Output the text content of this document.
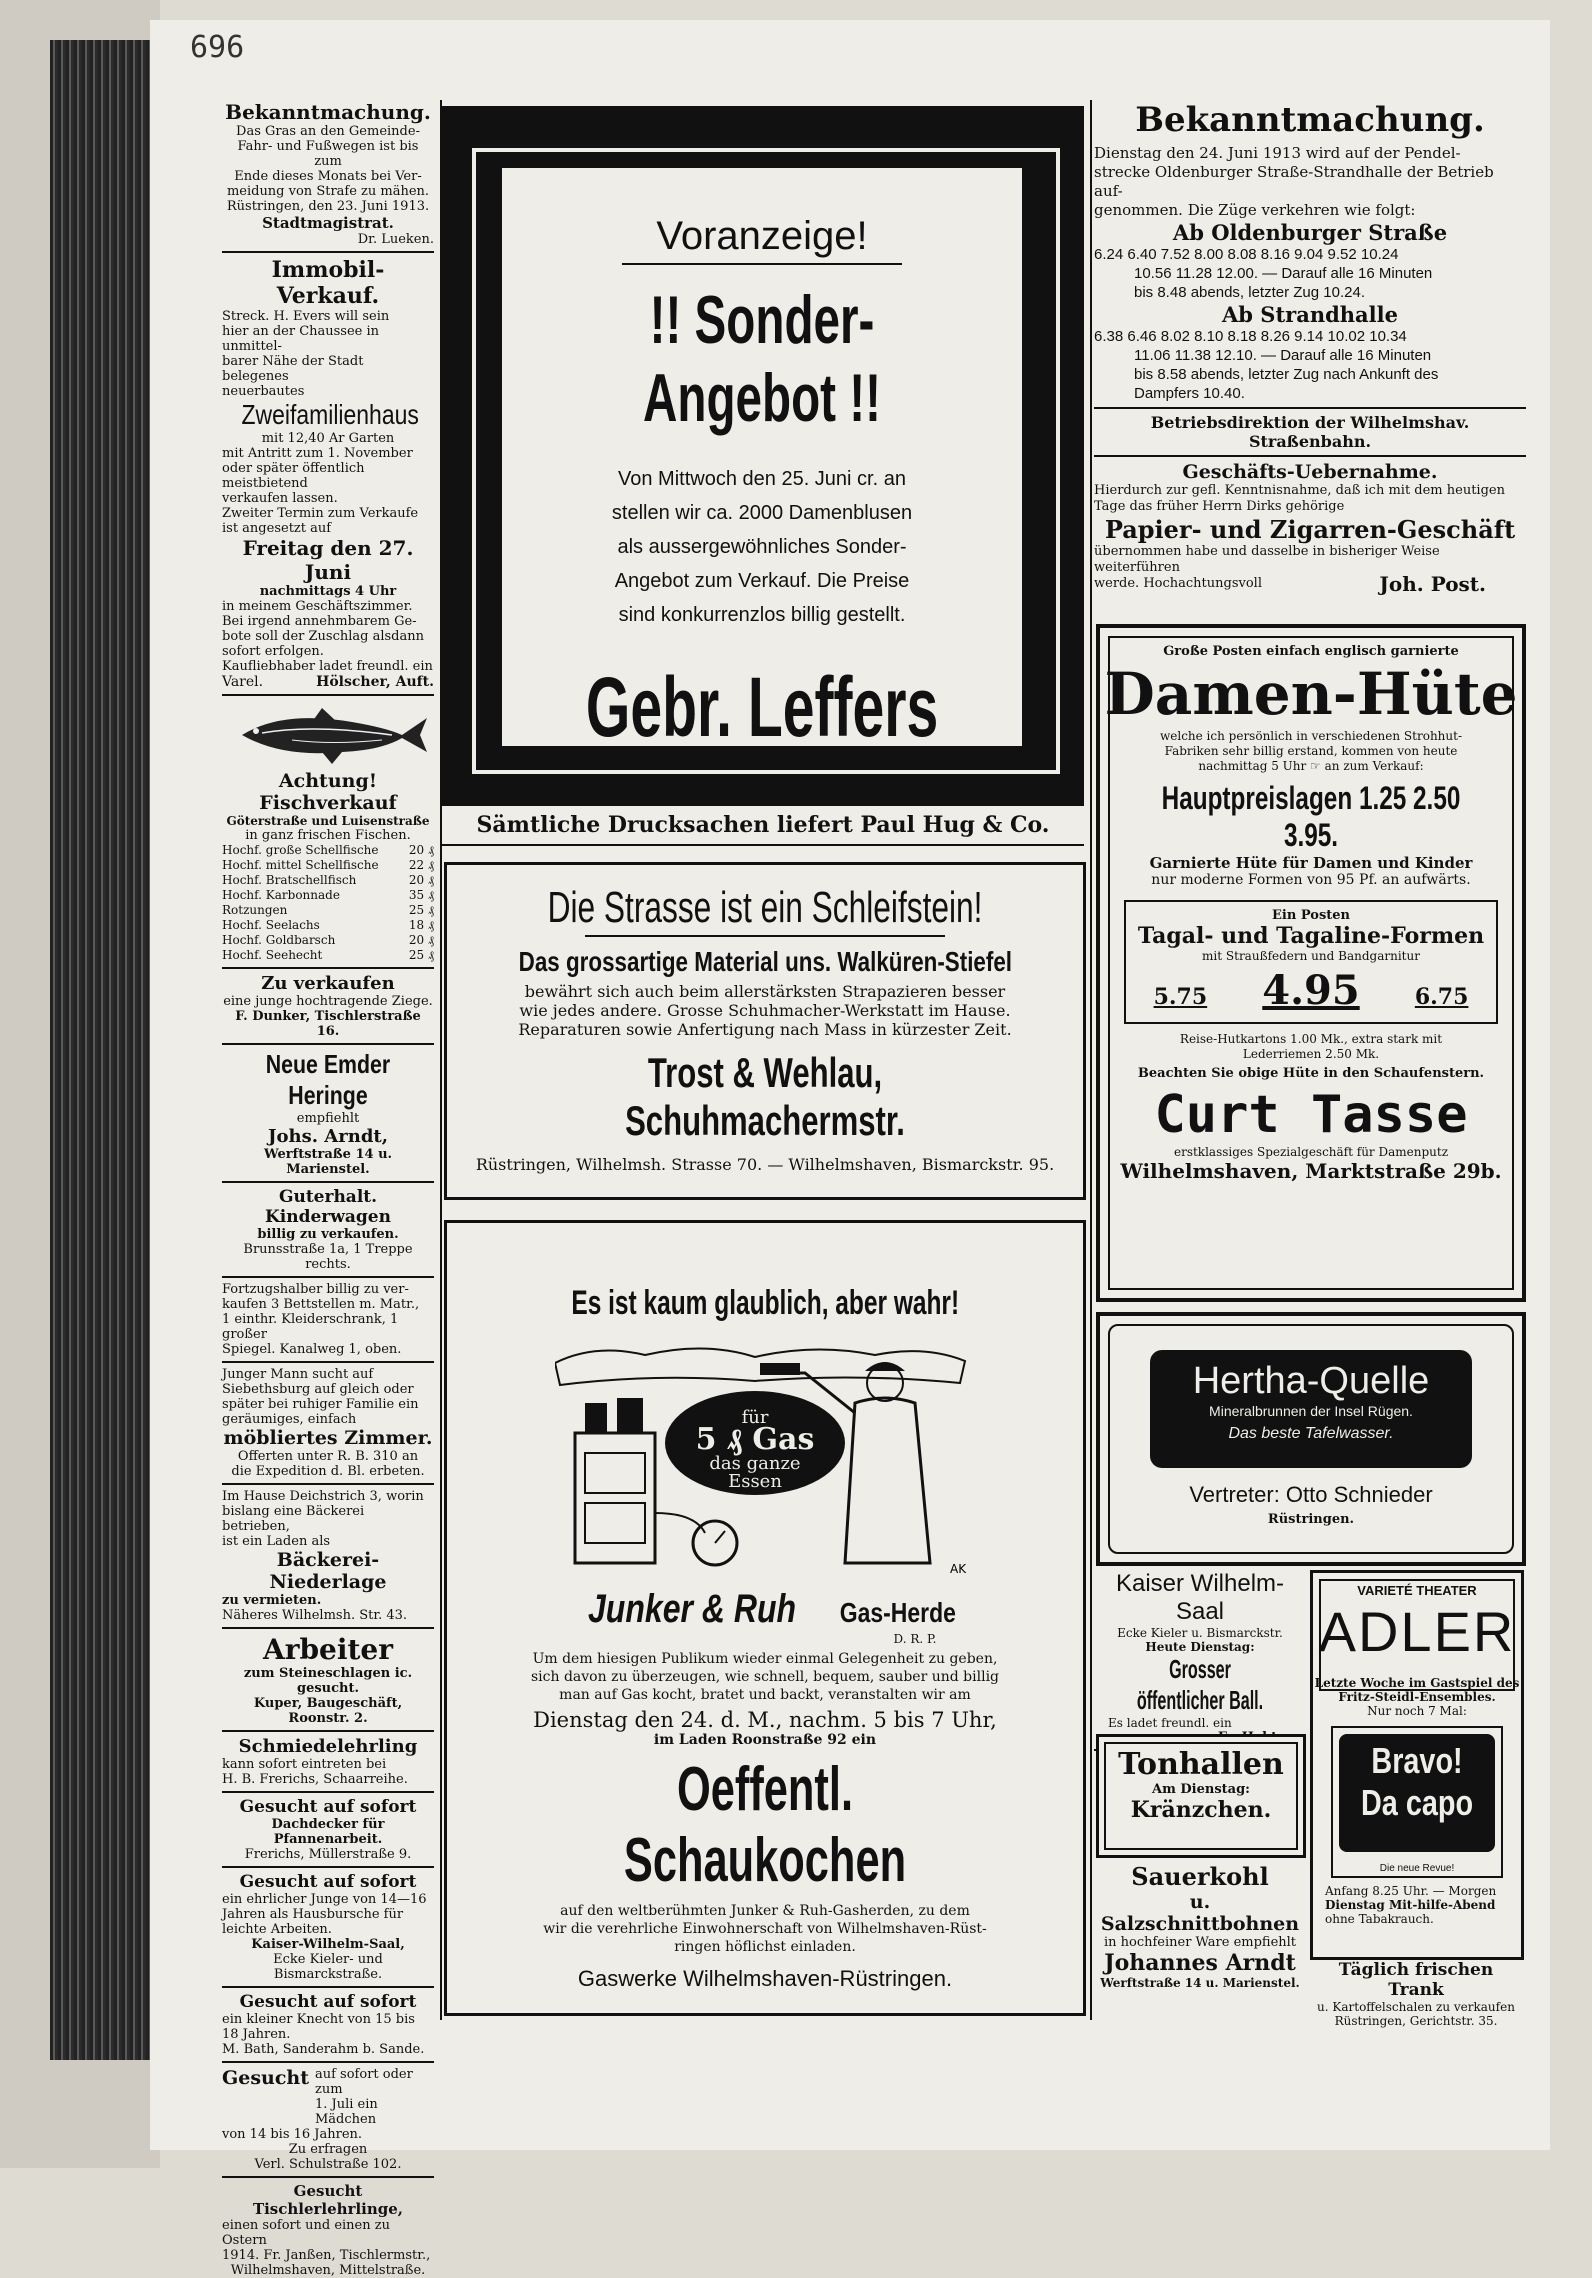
696
Bekanntmachung.
Das Gras an den Gemeinde-
Fahr- und Fußwegen ist bis zum
Ende dieses Monats bei Ver-
meidung von Strafe zu mähen.
Rüstringen, den 23. Juni 1913.
Stadtmagistrat.
Dr. Lueken.
Immobil-Verkauf.
Streck. H. Evers will sein
hier an der Chaussee in unmittel-
barer Nähe der Stadt belegenes
neuerbautes
Zweifamilienhaus
mit 12,40 Ar Garten
mit Antritt zum 1. November
oder später öffentlich meistbietend
verkaufen lassen.
Zweiter Termin zum Verkaufe
ist angesetzt auf
Freitag den 27. Juni
nachmittags 4 Uhr
in meinem Geschäftszimmer.
Bei irgend annehmbarem Ge-
bote soll der Zuschlag alsdann
sofort erfolgen.
Kaufliebhaber ladet freundl. ein
Varel.	Hölscher, Auft.
Achtung! Fischverkauf
Göterstraße und Luisenstraße
in ganz frischen Fischen.
Hochf. große Schellfische	20 ₰
Hochf. mittel Schellfische	22 ₰
Hochf. Bratschellfisch	20 ₰
Hochf. Karbonnade	35 ₰
Rotzungen	25 ₰
Hochf. Seelachs	18 ₰
Hochf. Goldbarsch	20 ₰
Hochf. Seehecht	25 ₰
Zu verkaufen
eine junge hochtragende Ziege.
F. Dunker, Tischlerstraße 16.
Neue Emder Heringe
empfiehlt
Johs. Arndt,
Werftstraße 14 u. Marienstel.
Guterhalt. Kinderwagen
billig zu verkaufen.
Brunsstraße 1a, 1 Treppe rechts.
Fortzugshalber billig zu ver-
kaufen 3 Bettstellen m. Matr.,
1 einthr. Kleiderschrank, 1 großer
Spiegel. Kanalweg 1, oben.
Junger Mann sucht auf
Siebethsburg auf gleich oder
später bei ruhiger Familie ein
geräumiges, einfach
möbliertes Zimmer.
Offerten unter R. B. 310 an
die Expedition d. Bl. erbeten.
Im Hause Deichstrich 3, worin
bislang eine Bäckerei betrieben,
ist ein Laden als
Bäckerei-Niederlage
zu vermieten.
Näheres Wilhelmsh. Str. 43.
Arbeiter
zum Steineschlagen ic. gesucht.
Kuper, Baugeschäft, Roonstr. 2.
Schmiedelehrling
kann sofort eintreten bei
H. B. Frerichs, Schaarreihe.
Gesucht auf sofort
Dachdecker für Pfannenarbeit.
Frerichs, Müllerstraße 9.
Gesucht auf sofort
ein ehrlicher Junge von 14—16
Jahren als Hausbursche für
leichte Arbeiten.
Kaiser-Wilhelm-Saal,
Ecke Kieler- und Bismarckstraße.
Gesucht auf sofort
ein kleiner Knecht von 15 bis
18 Jahren.
M. Bath, Sanderahm b. Sande.
Gesucht auf sofort oder zum
1. Juli ein Mädchen
von 14 bis 16 Jahren.
Zu erfragen
Verl. Schulstraße 102.
Gesucht Tischlerlehrlinge,
einen sofort und einen zu Ostern
1914. Fr. Janßen, Tischlermstr.,
Wilhelmshaven, Mittelstraße.
Voranzeige!
!! Sonder-Angebot !!
Von Mittwoch den 25. Juni cr. an
stellen wir ca. 2000 Damenblusen
als aussergewöhnliches Sonder-
Angebot zum Verkauf. Die Preise
sind konkurrenzlos billig gestellt.
Gebr. Leffers
Sämtliche Drucksachen liefert Paul Hug & Co.
Die Strasse ist ein Schleifstein!
Das grossartige Material uns. Walküren-Stiefel
bewährt sich auch beim allerstärksten Strapazieren besser
wie jedes andere. Grosse Schuhmacher-Werkstatt im Hause.
Reparaturen sowie Anfertigung nach Mass in kürzester Zeit.
Trost & Wehlau, Schuhmachermstr.
Rüstringen, Wilhelmsh. Strasse 70. — Wilhelmshaven, Bismarckstr. 95.
Es ist kaum glaublich, aber wahr!
für
5 ₰ Gas
das ganze
Essen
AK
Junker & Ruh Gas-Herde
D. R. P.
Um dem hiesigen Publikum wieder einmal Gelegenheit zu geben,
sich davon zu überzeugen, wie schnell, bequem, sauber und billig
man auf Gas kocht, bratet und backt, veranstalten wir am
Dienstag den 24. d. M., nachm. 5 bis 7 Uhr,
im Laden Roonstraße 92 ein
Oeffentl. Schaukochen
auf den weltberühmten Junker & Ruh-Gasherden, zu dem
wir die verehrliche Einwohnerschaft von Wilhelmshaven-Rüst-
ringen höflichst einladen.
Gaswerke Wilhelmshaven-Rüstringen.
Bekanntmachung.
Dienstag den 24. Juni 1913 wird auf der Pendel-
strecke Oldenburger Straße-Strandhalle der Betrieb auf-
genommen. Die Züge verkehren wie folgt:
Ab Oldenburger Straße
6.24 6.40 7.52 8.00 8.08 8.16 9.04 9.52 10.24
10.56 11.28 12.00. — Darauf alle 16 Minuten
bis 8.48 abends, letzter Zug 10.24.
Ab Strandhalle
6.38 6.46 8.02 8.10 8.18 8.26 9.14 10.02 10.34
11.06 11.38 12.10. — Darauf alle 16 Minuten
bis 8.58 abends, letzter Zug nach Ankunft des
Dampfers 10.40.
Betriebsdirektion der Wilhelmshav. Straßenbahn.
Geschäfts-Uebernahme.
Hierdurch zur gefl. Kenntnisnahme, daß ich mit dem heutigen
Tage das früher Herrn Dirks gehörige
Papier- und Zigarren-Geschäft
übernommen habe und dasselbe in bisheriger Weise weiterführen
werde. Hochachtungsvoll	Joh. Post.
Große Posten einfach englisch garnierte
Damen-Hüte
welche ich persönlich in verschiedenen Strohhut-
Fabriken sehr billig erstand, kommen von heute
nachmittag 5 Uhr ☞ an zum Verkauf:
Hauptpreislagen 1.25 2.50 3.95.
Garnierte Hüte für Damen und Kinder
nur moderne Formen von 95 Pf. an aufwärts.
Ein Posten
Tagal- und Tagaline-Formen
mit Straußfedern und Bandgarnitur
5.75 4.95	6.75
Reise-Hutkartons 1.00 Mk., extra stark mit
Lederriemen 2.50 Mk.
Beachten Sie obige Hüte in den Schaufenstern.
Curt Tasse
erstklassiges Spezialgeschäft für Damenputz
Wilhelmshaven, Marktstraße 29b.
Hertha-Quelle
Mineralbrunnen der Insel Rügen.
Das beste Tafelwasser.
Vertreter: Otto Schnieder
Rüstringen.
Kaiser Wilhelm-Saal
Ecke Kieler u. Bismarckstr.
Heute Dienstag:
Grosser öffentlicher Ball.
Es ladet freundl. ein
Tonhallen
Am Dienstag:
Kränzchen.
Sauerkohl
u. Salzschnittbohnen
in hochfeiner Ware empfiehlt
Johannes Arndt
Werftstraße 14 u. Marienstel.
VARIETÉ THEATER
ADLER
Letzte Woche im Gastspiel des
Fritz-Steidl-Ensembles.
Nur noch 7 Mal:
Bravo!
Da capo
Die neue Revue!
Anfang 8.25 Uhr. — Morgen
Dienstag Mit-hilfe-Abend
ohne Tabakrauch.
Täglich frischen Trank
u. Kartoffelschalen zu verkaufen
Rüstringen, Gerichtstr. 35.
